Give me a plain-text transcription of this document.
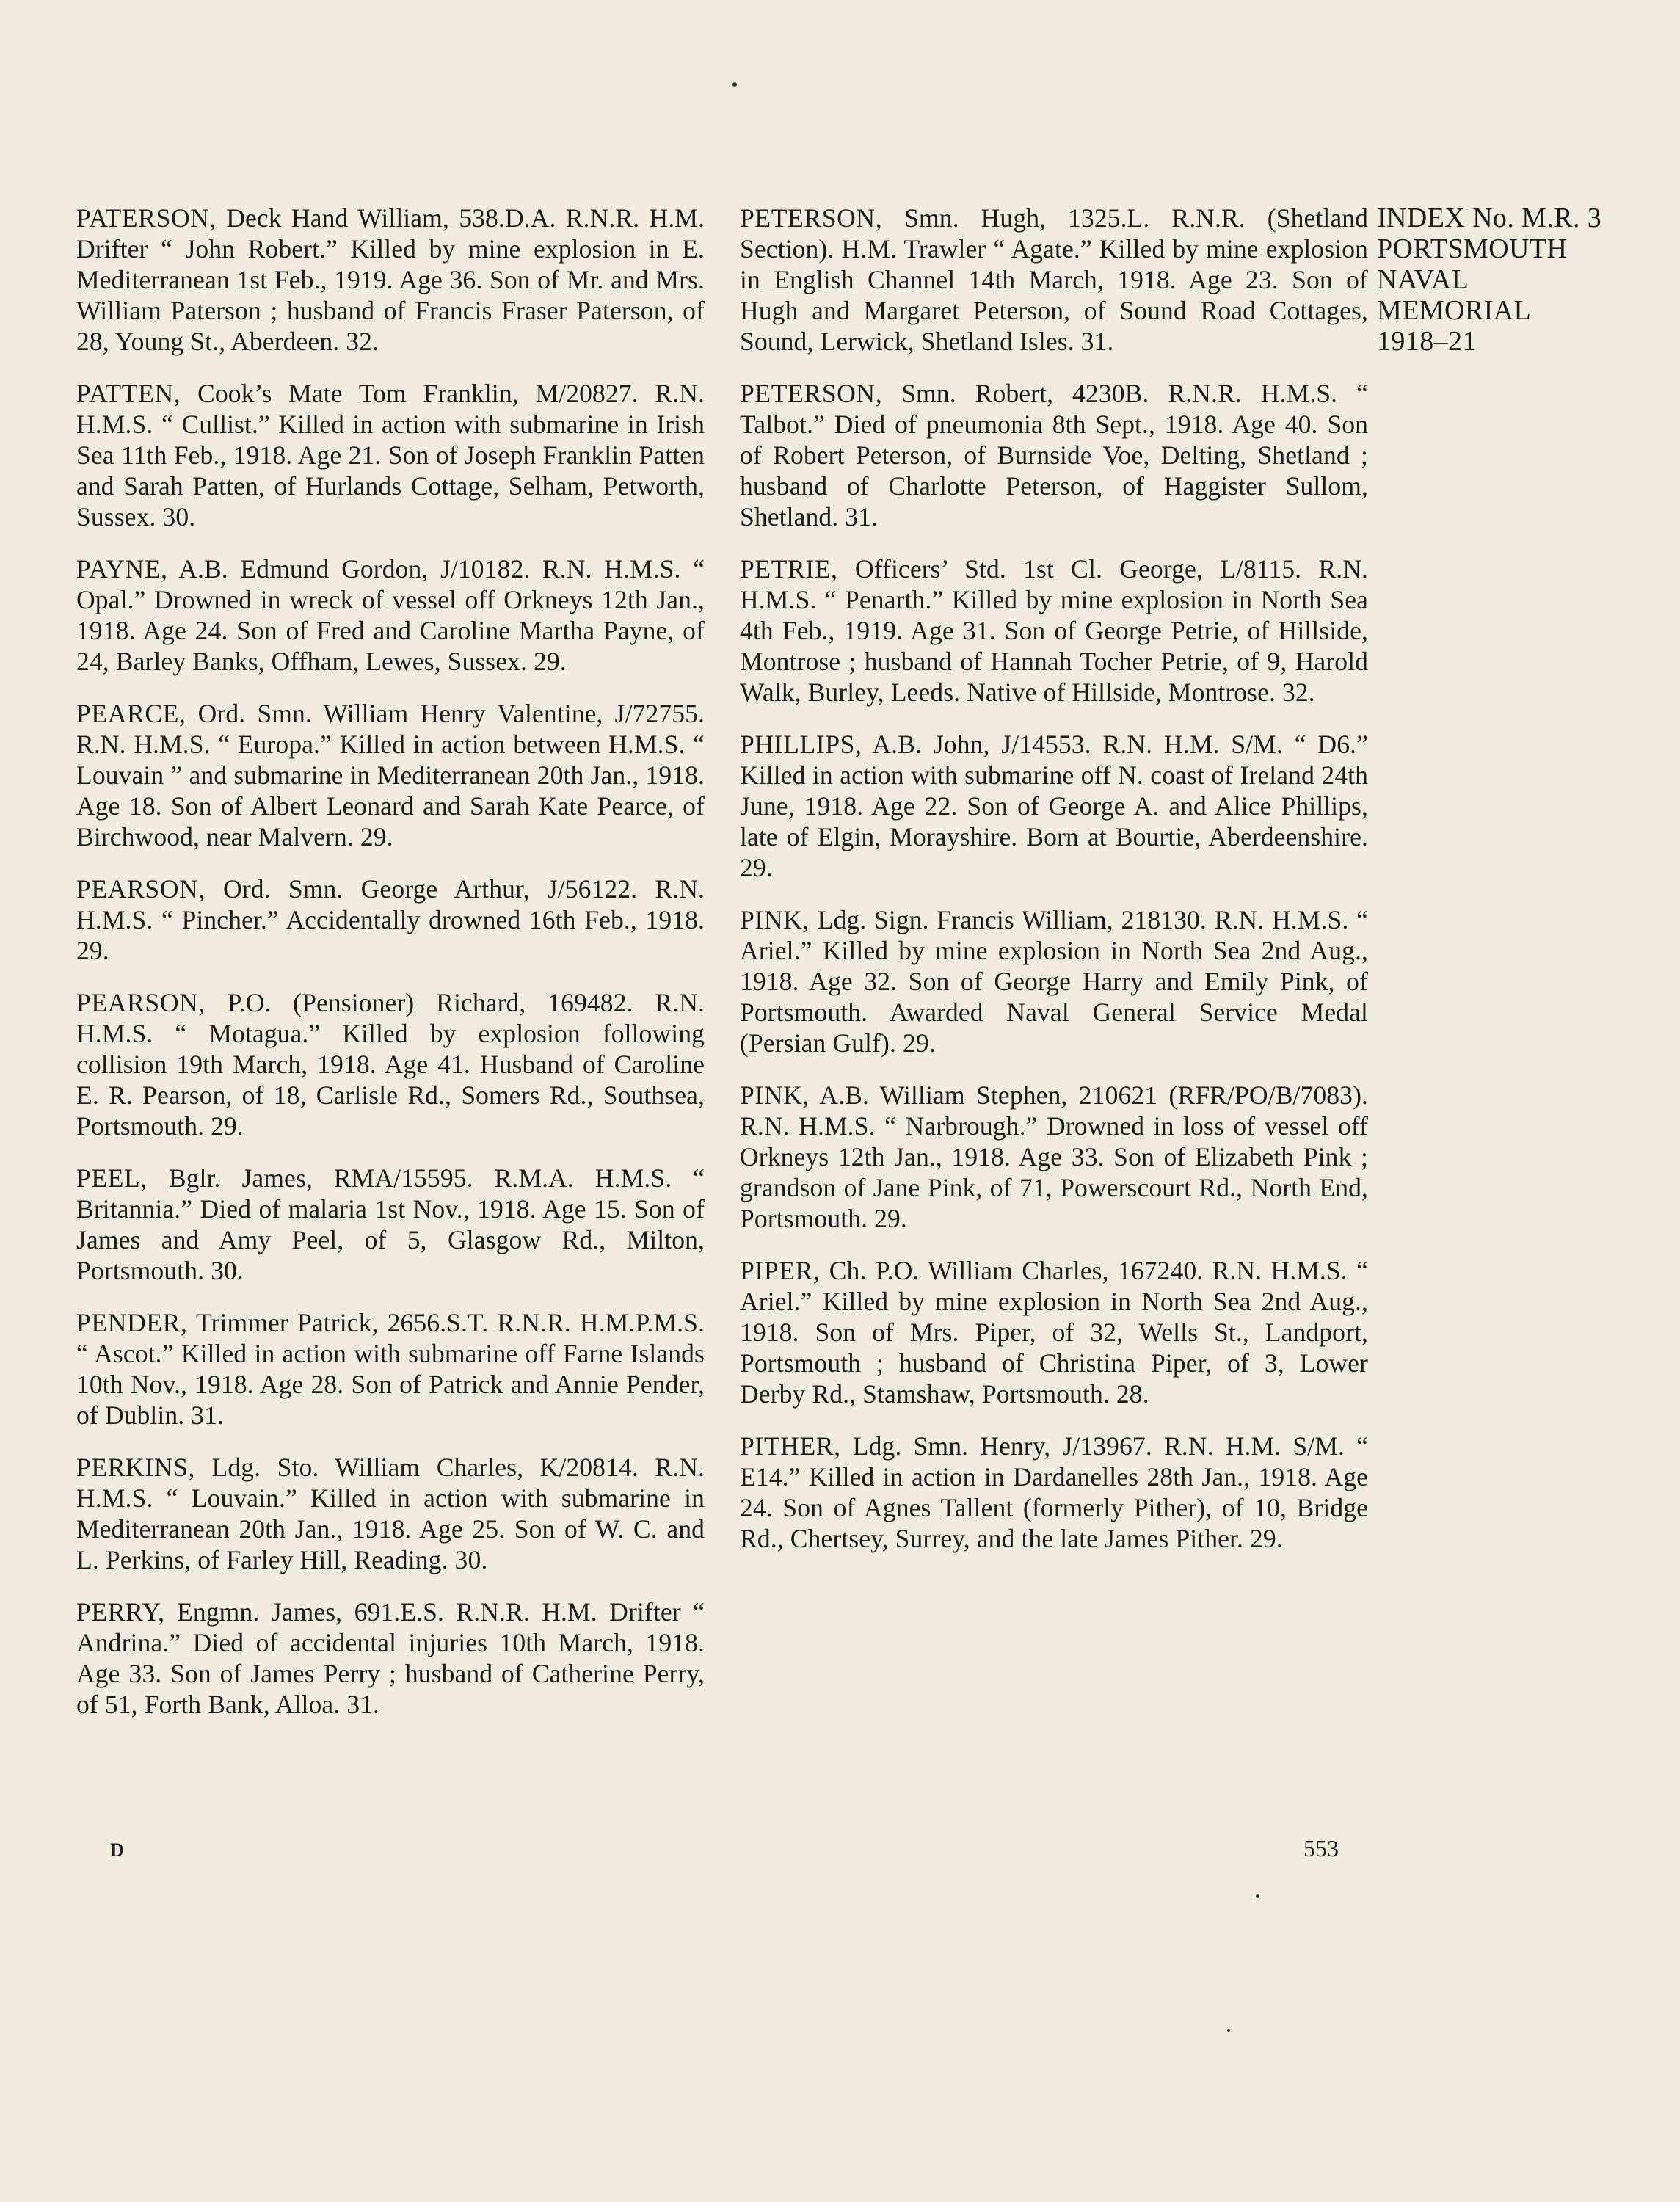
PATERSON, Deck Hand William, 538.D.A. R.N.R. H.M. Drifter “ John Robert.” Killed by mine explosion in E. Mediterranean 1st Feb., 1919. Age 36. Son of Mr. and Mrs. William Paterson ; husband of Francis Fraser Paterson, of 28, Young St., Aberdeen. 32.

PATTEN, Cook’s Mate Tom Franklin, M/20827. R.N. H.M.S. “ Cullist.” Killed in action with submarine in Irish Sea 11th Feb., 1918. Age 21. Son of Joseph Franklin Patten and Sarah Patten, of Hurlands Cottage, Selham, Petworth, Sussex. 30.

PAYNE, A.B. Edmund Gordon, J/10182. R.N. H.M.S. “ Opal.” Drowned in wreck of vessel off Orkneys 12th Jan., 1918. Age 24. Son of Fred and Caroline Martha Payne, of 24, Barley Banks, Offham, Lewes, Sussex. 29.

PEARCE, Ord. Smn. William Henry Valentine, J/72755. R.N. H.M.S. “ Europa.” Killed in action between H.M.S. “ Louvain ” and submarine in Mediterranean 20th Jan., 1918. Age 18. Son of Albert Leonard and Sarah Kate Pearce, of Birchwood, near Malvern. 29.

PEARSON, Ord. Smn. George Arthur, J/56122. R.N. H.M.S. “ Pincher.” Accidentally drowned 16th Feb., 1918. 29.

PEARSON, P.O. (Pensioner) Richard, 169482. R.N. H.M.S. “ Motagua.” Killed by explosion following collision 19th March, 1918. Age 41. Husband of Caroline E. R. Pearson, of 18, Carlisle Rd., Somers Rd., Southsea, Portsmouth. 29.

PEEL, Bglr. James, RMA/15595. R.M.A. H.M.S. “ Britannia.” Died of malaria 1st Nov., 1918. Age 15. Son of James and Amy Peel, of 5, Glasgow Rd., Milton, Portsmouth. 30.

PENDER, Trimmer Patrick, 2656.S.T. R.N.R. H.M.P.M.S. “ Ascot.” Killed in action with submarine off Farne Islands 10th Nov., 1918. Age 28. Son of Patrick and Annie Pender, of Dublin. 31.

PERKINS, Ldg. Sto. William Charles, K/20814. R.N. H.M.S. “ Louvain.” Killed in action with submarine in Mediterranean 20th Jan., 1918. Age 25. Son of W. C. and L. Perkins, of Farley Hill, Reading. 30.

PERRY, Engmn. James, 691.E.S. R.N.R. H.M. Drifter “ Andrina.” Died of accidental injuries 10th March, 1918. Age 33. Son of James Perry ; husband of Catherine Perry, of 51, Forth Bank, Alloa. 31.

PETERSON, Smn. Hugh, 1325.L. R.N.R. (Shetland Section). H.M. Trawler “ Agate.” Killed by mine explosion in English Channel 14th March, 1918. Age 23. Son of Hugh and Margaret Peterson, of Sound Road Cottages, Sound, Lerwick, Shetland Isles. 31.

PETERSON, Smn. Robert, 4230B. R.N.R. H.M.S. “ Talbot.” Died of pneumonia 8th Sept., 1918. Age 40. Son of Robert Peterson, of Burnside Voe, Delting, Shetland ; husband of Charlotte Peterson, of Haggister Sullom, Shetland. 31.

PETRIE, Officers’ Std. 1st Cl. George, L/8115. R.N. H.M.S. “ Penarth.” Killed by mine explosion in North Sea 4th Feb., 1919. Age 31. Son of George Petrie, of Hillside, Montrose ; husband of Hannah Tocher Petrie, of 9, Harold Walk, Burley, Leeds. Native of Hillside, Montrose. 32.

PHILLIPS, A.B. John, J/14553. R.N. H.M. S/M. “ D6.” Killed in action with submarine off N. coast of Ireland 24th June, 1918. Age 22. Son of George A. and Alice Phillips, late of Elgin, Morayshire. Born at Bourtie, Aberdeenshire. 29.

PINK, Ldg. Sign. Francis William, 218130. R.N. H.M.S. “ Ariel.” Killed by mine explosion in North Sea 2nd Aug., 1918. Age 32. Son of George Harry and Emily Pink, of Portsmouth. Awarded Naval General Service Medal (Persian Gulf). 29.

PINK, A.B. William Stephen, 210621 (RFR/PO/B/7083). R.N. H.M.S. “ Narbrough.” Drowned in loss of vessel off Orkneys 12th Jan., 1918. Age 33. Son of Elizabeth Pink ; grandson of Jane Pink, of 71, Powerscourt Rd., North End, Portsmouth. 29.

PIPER, Ch. P.O. William Charles, 167240. R.N. H.M.S. “ Ariel.” Killed by mine explosion in North Sea 2nd Aug., 1918. Son of Mrs. Piper, of 32, Wells St., Landport, Portsmouth ; husband of Christina Piper, of 3, Lower Derby Rd., Stamshaw, Portsmouth. 28.

PITHER, Ldg. Smn. Henry, J/13967. R.N. H.M. S/M. “ E14.” Killed in action in Dardanelles 28th Jan., 1918. Age 24. Son of Agnes Tallent (formerly Pither), of 10, Bridge Rd., Chertsey, Surrey, and the late James Pither. 29.

INDEX No. M.R. 3
PORTSMOUTH
NAVAL
MEMORIAL
1918–21
D	553
